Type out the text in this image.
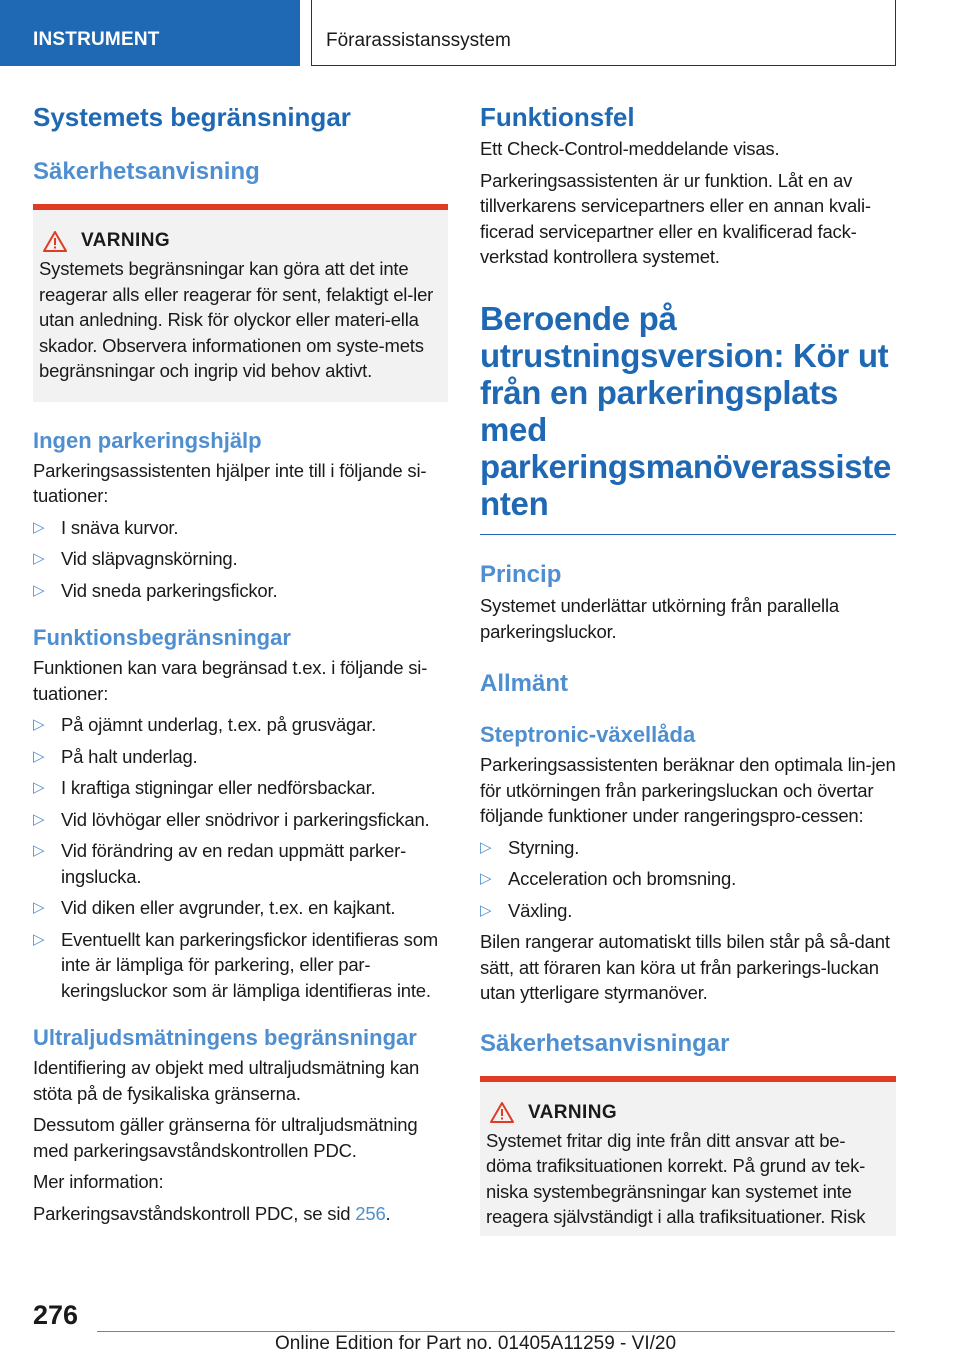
INSTRUMENT	Förarassistanssystem
Systemets begränsningar
Säkerhetsanvisning
VARNING
Systemets begränsningar kan göra att det inte reagerar alls eller reagerar för sent, felaktigt el-ler utan anledning. Risk för olyckor eller materi-ella skador. Observera informationen om syste-mets begränsningar och ingrip vid behov aktivt.
Ingen parkeringshjälp
Parkeringsassistenten hjälper inte till i följande si-tuationer:
▷ I snäva kurvor.
▷ Vid släpvagnskörning.
▷ Vid sneda parkeringsfickor.
Funktionsbegränsningar
Funktionen kan vara begränsad t.ex. i följande si-tuationer:
▷ På ojämnt underlag, t.ex. på grusvägar.
▷ På halt underlag.
▷ I kraftiga stigningar eller nedförsbackar.
▷ Vid lövhögar eller snödrivor i parkeringsfickan.
▷ Vid förändring av en redan uppmätt parker-ingslucka.
▷ Vid diken eller avgrunder, t.ex. en kajkant.
▷ Eventuellt kan parkeringsfickor identifieras som inte är lämpliga för parkering, eller par-keringsluckor som är lämpliga identifieras inte.
Ultraljudsmätningens begränsningar
Identifiering av objekt med ultraljudsmätning kan stöta på de fysikaliska gränserna.
Dessutom gäller gränserna för ultraljudsmätning med parkeringsavståndskontrollen PDC.
Mer information:
Parkeringsavståndskontroll PDC, se sid 256.
Funktionsfel
Ett Check-Control-meddelande visas.
Parkeringsassistenten är ur funktion. Låt en av tillverkarens servicepartners eller en annan kvali-ficerad servicepartner eller en kvalificerad fack-verkstad kontrollera systemet.
Beroende på
utrustningsversion: Kör ut
från en parkeringsplats
med
parkeringsmanöverassiste
nten
Princip
Systemet underlättar utkörning från parallella parkeringsluckor.
Allmänt
Steptronic-växellåda
Parkeringsassistenten beräknar den optimala lin-jen för utkörningen från parkeringsluckan och övertar följande funktioner under rangeringspro-cessen:
▷ Styrning.
▷ Acceleration och bromsning.
▷ Växling.
Bilen rangerar automatiskt tills bilen står på så-dant sätt, att föraren kan köra ut från parkerings-luckan utan ytterligare styrmanöver.
Säkerhetsanvisningar
VARNING
Systemet fritar dig inte från ditt ansvar att be-döma trafiksituationen korrekt. På grund av tek-niska systembegränsningar kan systemet inte reagera självständigt i alla trafiksituationer. Risk
276
Online Edition for Part no. 01405A11259 - VI/20
